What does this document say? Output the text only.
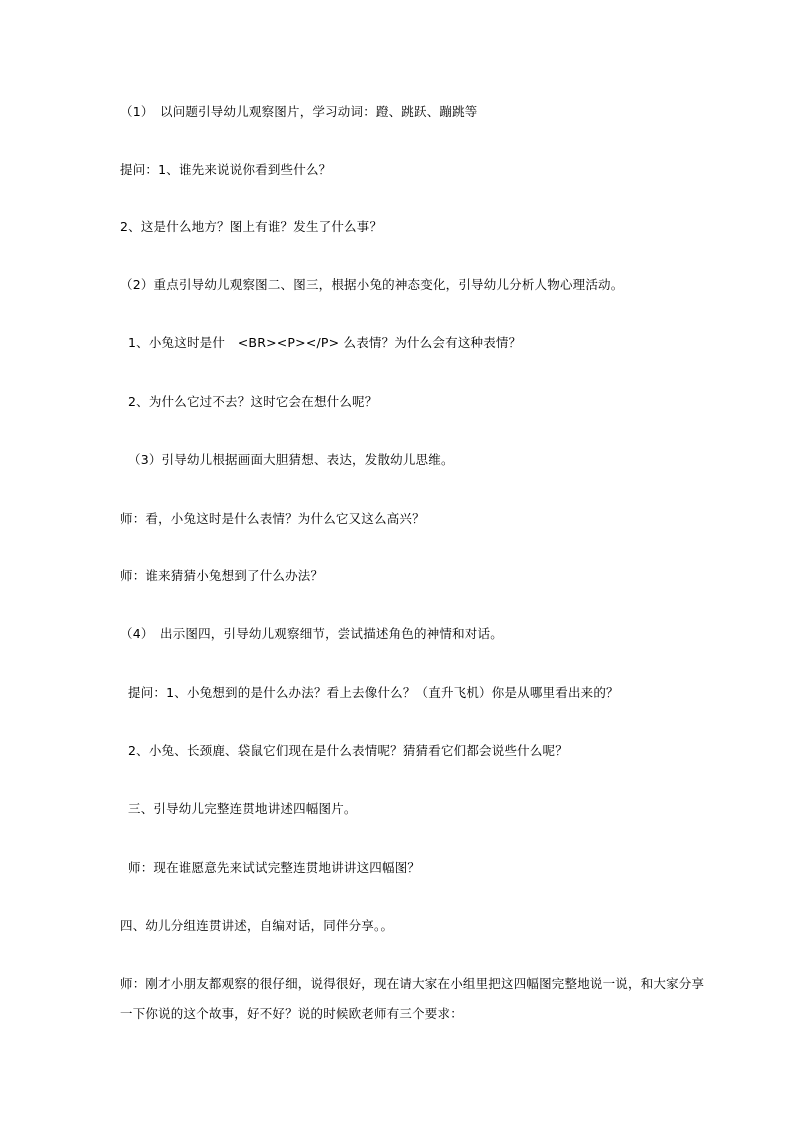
（1）　以问题引导幼儿观察图片，学习动词：蹬、跳跃、蹦跳等
提问：1、谁先来说说你看到些什么？
2、这是什么地方？图上有谁？发生了什么事？
（2）重点引导幼儿观察图二、图三，根据小兔的神态变化，引导幼儿分析人物心理活动。
1、小兔这时是什　<BR><P></P> 么表情？为什么会有这种表情？
2、为什么它过不去？这时它会在想什么呢？
（3）引导幼儿根据画面大胆猜想、表达，发散幼儿思维。
师：看，小兔这时是什么表情？为什么它又这么高兴？
师：谁来猜猜小兔想到了什么办法？
（4）　出示图四，引导幼儿观察细节，尝试描述角色的神情和对话。
提问：1、小兔想到的是什么办法？看上去像什么？（直升飞机）你是从哪里看出来的？
2、小兔、长颈鹿、袋鼠它们现在是什么表情呢？猜猜看它们都会说些什么呢？
三、引导幼儿完整连贯地讲述四幅图片。
师：现在谁愿意先来试试完整连贯地讲讲这四幅图？
四、幼儿分组连贯讲述，自编对话，同伴分享。。
师：刚才小朋友都观察的很仔细，说得很好，现在请大家在小组里把这四幅图完整地说一说，和大家分享
一下你说的这个故事，好不好？说的时候欧老师有三个要求：
